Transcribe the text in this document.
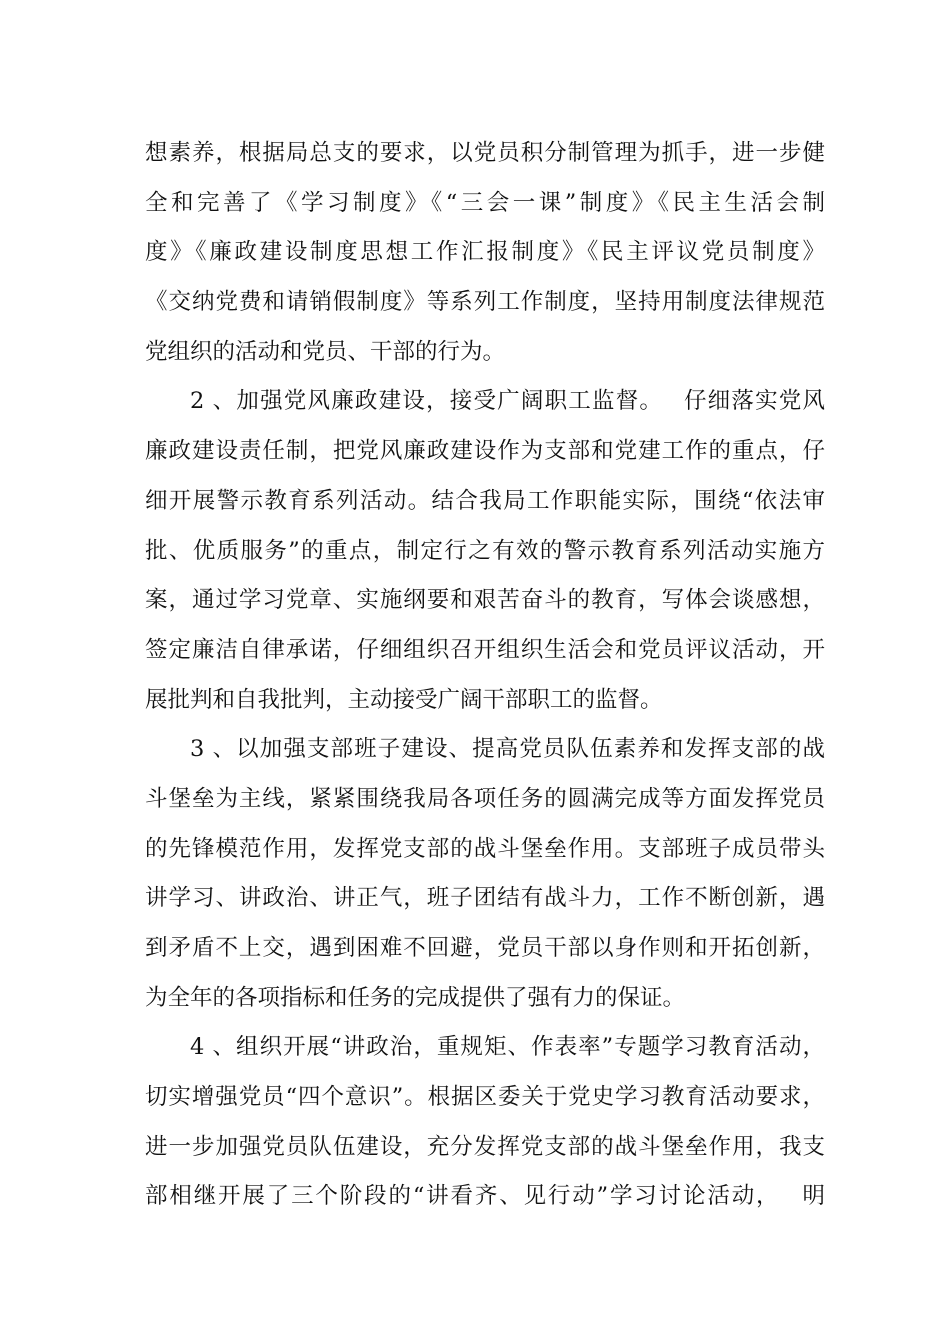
想素养，根据局总支的要求，以党员积分制管理为抓手，进一步健
全和完善了《学习制度》《“三会一课”制度》《民主生活会制
度》《廉政建设制度思想工作汇报制度》《民主评议党员制度》
《交纳党费和请销假制度》等系列工作制度，坚持用制度法律规范
党组织的活动和党员、干部的行为。
2 、加强党风廉政建设，接受广阔职工监督。　 仔细落实党风
廉政建设责任制，把党风廉政建设作为支部和党建工作的重点，仔
细开展警示教育系列活动。结合我局工作职能实际，围绕“依法审
批、优质服务”的重点，制定行之有效的警示教育系列活动实施方
案，通过学习党章、实施纲要和艰苦奋斗的教育，写体会谈感想，
签定廉洁自律承诺，仔细组织召开组织生活会和党员评议活动，开
展批判和自我批判，主动接受广阔干部职工的监督。
3 、以加强支部班子建设、提高党员队伍素养和发挥支部的战
斗堡垒为主线，紧紧围绕我局各项任务的圆满完成等方面发挥党员
的先锋模范作用，发挥党支部的战斗堡垒作用。支部班子成员带头
讲学习、讲政治、讲正气，班子团结有战斗力，工作不断创新，遇
到矛盾不上交，遇到困难不回避，党员干部以身作则和开拓创新，
为全年的各项指标和任务的完成提供了强有力的保证。
4 、组织开展“讲政治，重规矩、作表率”专题学习教育活动，
切实增强党员“四个意识”。根据区委关于党史学习教育活动要求，
进一步加强党员队伍建设，充分发挥党支部的战斗堡垒作用，我支
部相继开展了三个阶段的“讲看齐、见行动”学习讨论活动，　 明
